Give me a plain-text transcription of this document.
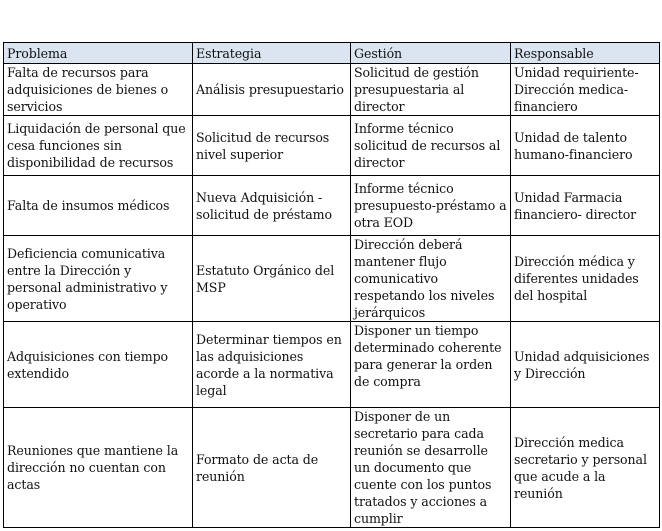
Problema	Estrategia	Gestión	Responsable
Falta de recursos para adquisiciones de bienes o servicios	Análisis presupuestario	Solicitud de gestión presupuestaria al director	Unidad requiriente- Dirección medica-financiero
Liquidación de personal que cesa funciones sin disponibilidad de recursos	Solicitud de recursos nivel superior	Informe técnico solicitud de recursos al director	Unidad de talento humano-financiero
Falta de insumos médicos	Nueva Adquisición - solicitud de préstamo	Informe técnico presupuesto-préstamo a otra EOD	Unidad Farmacia financiero- director
Deficiencia comunicativa entre la Dirección y personal administrativo y operativo	Estatuto Orgánico del MSP	Dirección deberá mantener flujo comunicativo respetando los niveles jerárquicos	Dirección médica y diferentes unidades del hospital
Adquisiciones con tiempo extendido	Determinar tiempos en las adquisiciones acorde a la normativa legal	Disponer un tiempo determinado coherente para generar la orden de compra	Unidad adquisiciones y Dirección
Reuniones que mantiene la dirección no cuentan con actas	Formato de acta de reunión	Disponer de un secretario para cada reunión se desarrolle un documento que cuente con los puntos tratados y acciones a cumplir	Dirección medica secretario y personal que acude a la reunión
